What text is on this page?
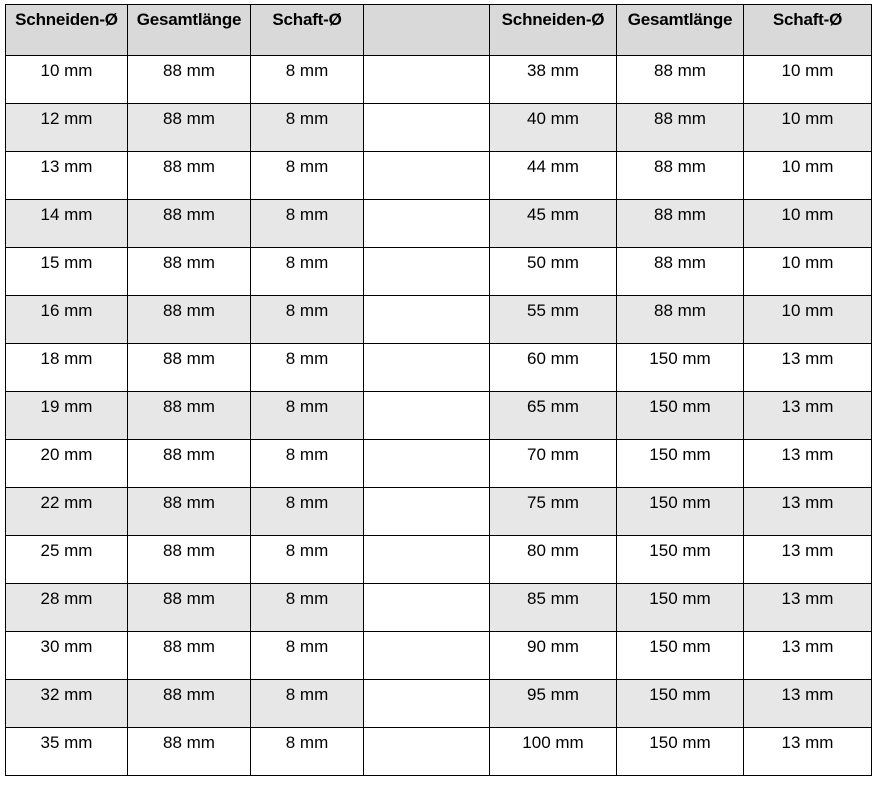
Schneiden-Ø	Gesamtlänge	Schaft-Ø		Schneiden-Ø	Gesamtlänge	Schaft-Ø
10 mm	88 mm	8 mm		38 mm	88 mm	10 mm
12 mm	88 mm	8 mm		40 mm	88 mm	10 mm
13 mm	88 mm	8 mm		44 mm	88 mm	10 mm
14 mm	88 mm	8 mm		45 mm	88 mm	10 mm
15 mm	88 mm	8 mm		50 mm	88 mm	10 mm
16 mm	88 mm	8 mm		55 mm	88 mm	10 mm
18 mm	88 mm	8 mm		60 mm	150 mm	13 mm
19 mm	88 mm	8 mm		65 mm	150 mm	13 mm
20 mm	88 mm	8 mm		70 mm	150 mm	13 mm
22 mm	88 mm	8 mm		75 mm	150 mm	13 mm
25 mm	88 mm	8 mm		80 mm	150 mm	13 mm
28 mm	88 mm	8 mm		85 mm	150 mm	13 mm
30 mm	88 mm	8 mm		90 mm	150 mm	13 mm
32 mm	88 mm	8 mm		95 mm	150 mm	13 mm
35 mm	88 mm	8 mm		100 mm	150 mm	13 mm
